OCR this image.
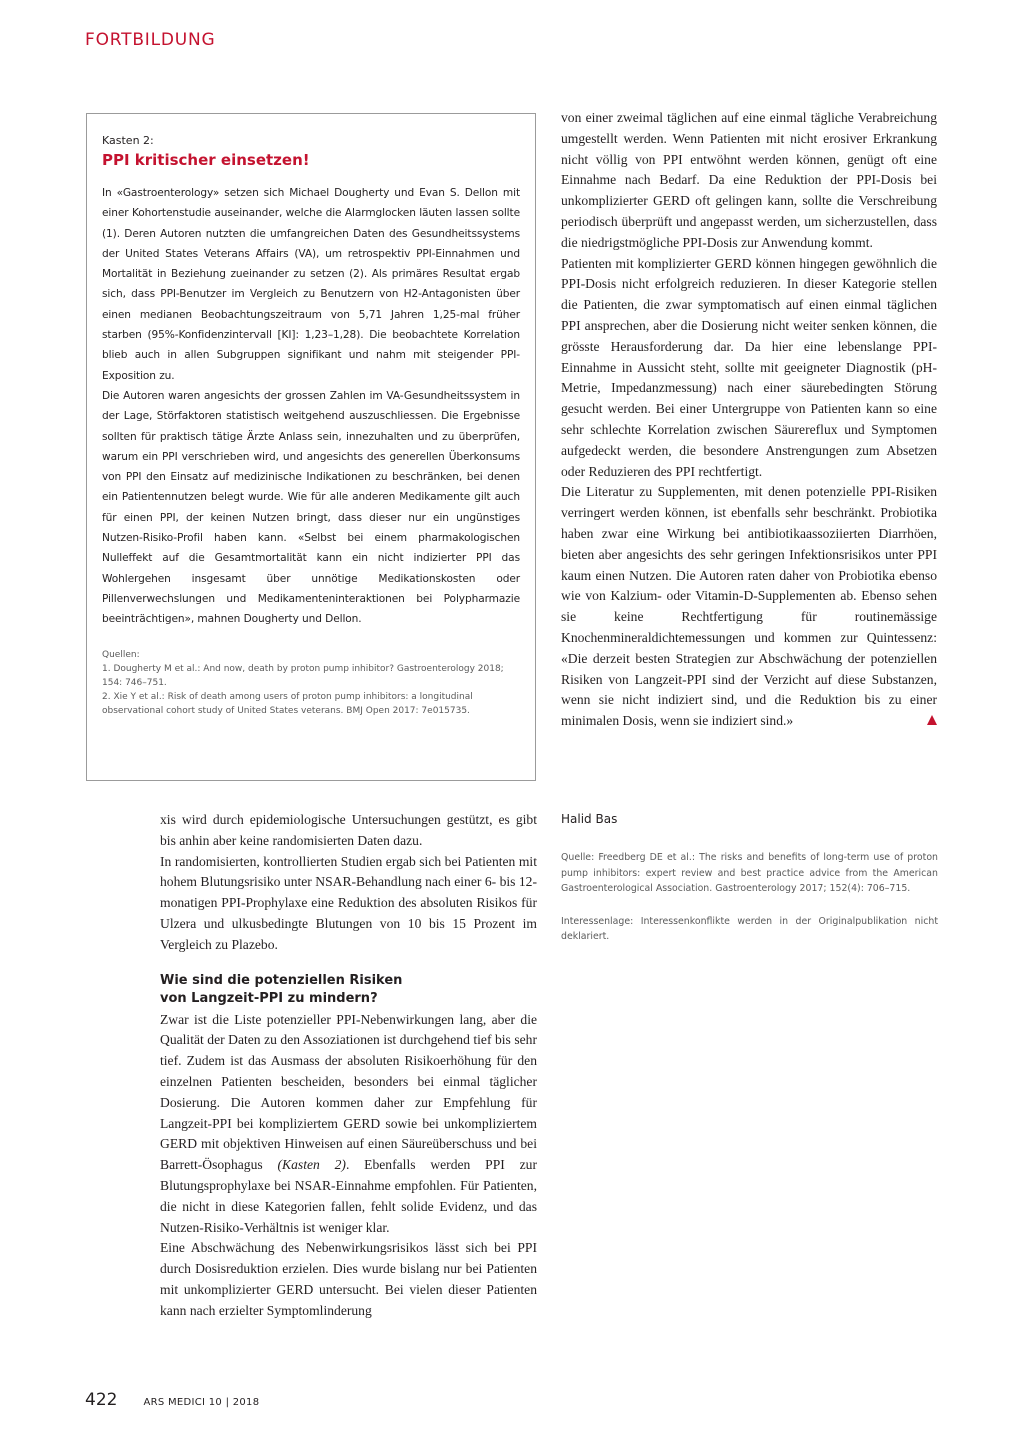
FORTBILDUNG

Kasten 2:

PPI kritischer einsetzen!

In «Gastroenterology» setzen sich Michael Dougherty und Evan S. Dellon mit einer Kohortenstudie auseinander, welche die Alarmglocken läuten lassen sollte (1). Deren Autoren nutzten die umfangreichen Daten des Gesundheitssystems der United States Veterans Affairs (VA), um retrospektiv PPI-Einnahmen und Mortalität in Beziehung zueinander zu setzen (2). Als primäres Resultat ergab sich, dass PPI-Benutzer im Vergleich zu Benutzern von H2-Antagonisten über einen medianen Beobachtungszeitraum von 5,71 Jahren 1,25-mal früher starben (95%-Konfidenzintervall [KI]: 1,23–1,28). Die beobachtete Korrelation blieb auch in allen Subgruppen signifikant und nahm mit steigender PPI-Exposition zu.

Die Autoren waren angesichts der grossen Zahlen im VA-Gesundheitssystem in der Lage, Störfaktoren statistisch weitgehend auszuschliessen. Die Ergebnisse sollten für praktisch tätige Ärzte Anlass sein, innezuhalten und zu überprüfen, warum ein PPI verschrieben wird, und angesichts des generellen Überkonsums von PPI den Einsatz auf medizinische Indikationen zu beschränken, bei denen ein Patientennutzen belegt wurde. Wie für alle anderen Medikamente gilt auch für einen PPI, der keinen Nutzen bringt, dass dieser nur ein ungünstiges Nutzen-Risiko-Profil haben kann. «Selbst bei einem pharmakologischen Nulleffekt auf die Gesamtmortalität kann ein nicht indizierter PPI das Wohlergehen insgesamt über unnötige Medikationskosten oder Pillenverwechslungen und Medikamenteninteraktionen bei Polypharmazie beeinträchtigen», mahnen Dougherty und Dellon.

Quellen:

1. Dougherty M et al.: And now, death by proton pump inhibitor? Gastroenterology 2018; 154: 746–751.

2. Xie Y et al.: Risk of death among users of proton pump inhibitors: a longitudinal observational cohort study of United States veterans. BMJ Open 2017: 7e015735.

xis wird durch epidemiologische Untersuchungen gestützt, es gibt bis anhin aber keine randomisierten Daten dazu.

In randomisierten, kontrollierten Studien ergab sich bei Patienten mit hohem Blutungsrisiko unter NSAR-Behandlung nach einer 6- bis 12-monatigen PPI-Prophylaxe eine Reduktion des absoluten Risikos für Ulzera und ulkusbedingte Blutungen von 10 bis 15 Prozent im Vergleich zu Plazebo.

Wie sind die potenziellen Risiken
von Langzeit-PPI zu mindern?

Zwar ist die Liste potenzieller PPI-Nebenwirkungen lang, aber die Qualität der Daten zu den Assoziationen ist durchgehend tief bis sehr tief. Zudem ist das Ausmass der absoluten Risikoerhöhung für den einzelnen Patienten bescheiden, besonders bei einmal täglicher Dosierung. Die Autoren kommen daher zur Empfehlung für Langzeit-PPI bei kompliziertem GERD sowie bei unkompliziertem GERD mit objektiven Hinweisen auf einen Säureüberschuss und bei Barrett-Ösophagus (Kasten 2). Ebenfalls werden PPI zur Blutungsprophylaxe bei NSAR-Einnahme empfohlen. Für Patienten, die nicht in diese Kategorien fallen, fehlt solide Evidenz, und das Nutzen-Risiko-Verhältnis ist weniger klar.

Eine Abschwächung des Nebenwirkungsrisikos lässt sich bei PPI durch Dosisreduktion erzielen. Dies wurde bislang nur bei Patienten mit unkomplizierter GERD untersucht. Bei vielen dieser Patienten kann nach erzielter Symptomlinderung

von einer zweimal täglichen auf eine einmal tägliche Verabreichung umgestellt werden. Wenn Patienten mit nicht erosiver Erkrankung nicht völlig von PPI entwöhnt werden können, genügt oft eine Einnahme nach Bedarf. Da eine Reduktion der PPI-Dosis bei unkomplizierter GERD oft gelingen kann, sollte die Verschreibung periodisch überprüft und angepasst werden, um sicherzustellen, dass die niedrigstmögliche PPI-Dosis zur Anwendung kommt.

Patienten mit komplizierter GERD können hingegen gewöhnlich die PPI-Dosis nicht erfolgreich reduzieren. In dieser Kategorie stellen die Patienten, die zwar symptomatisch auf einen einmal täglichen PPI ansprechen, aber die Dosierung nicht weiter senken können, die grösste Herausforderung dar. Da hier eine lebenslange PPI-Einnahme in Aussicht steht, sollte mit geeigneter Diagnostik (pH-Metrie, Impedanzmessung) nach einer säurebedingten Störung gesucht werden. Bei einer Untergruppe von Patienten kann so eine sehr schlechte Korrelation zwischen Säurereflux und Symptomen aufgedeckt werden, die besondere Anstrengungen zum Absetzen oder Reduzieren des PPI rechtfertigt.

Die Literatur zu Supplementen, mit denen potenzielle PPI-Risiken verringert werden können, ist ebenfalls sehr beschränkt. Probiotika haben zwar eine Wirkung bei antibiotikaassoziierten Diarrhöen, bieten aber angesichts des sehr geringen Infektionsrisikos unter PPI kaum einen Nutzen. Die Autoren raten daher von Probiotika ebenso wie von Kalzium- oder Vitamin-D-Supplementen ab. Ebenso sehen sie keine Rechtfertigung für routinemässige Knochenmineraldichtemessungen und kommen zur Quintessenz: «Die derzeit besten Strategien zur Abschwächung der potenziellen Risiken von Langzeit-PPI sind der Verzicht auf diese Substanzen, wenn sie nicht indiziert sind, und die Reduktion bis zu einer minimalen Dosis, wenn sie indiziert sind.»

Halid Bas

Quelle: Freedberg DE et al.: The risks and benefits of long-term use of proton pump inhibitors: expert review and best practice advice from the American Gastroenterological Association. Gastroenterology 2017; 152(4): 706–715.

Interessenlage: Interessenkonflikte werden in der Originalpublikation nicht deklariert.

422	ARS MEDICI 10 | 2018
